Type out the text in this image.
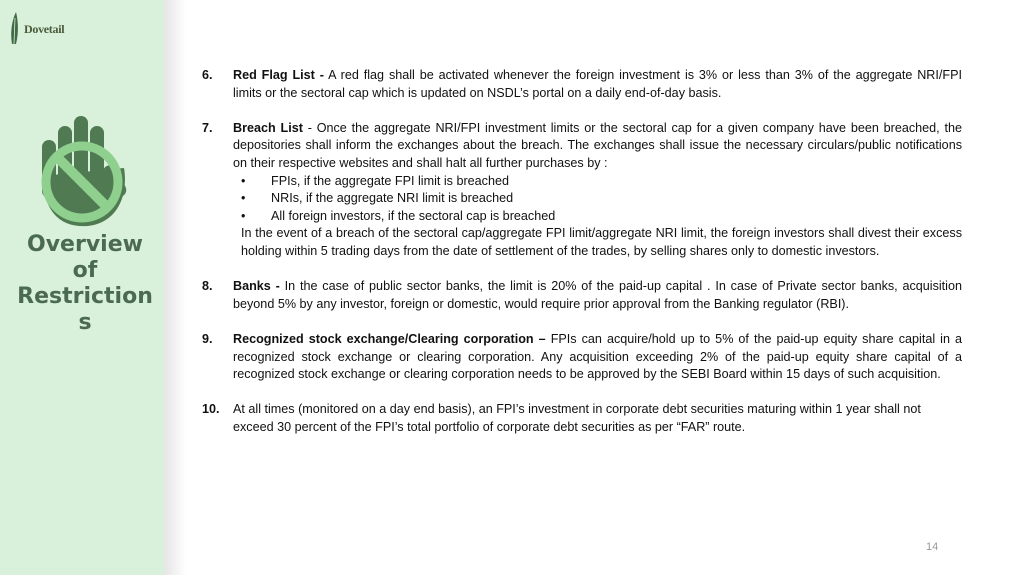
Dovetail
Overview
of
Restriction
s
6. Red Flag List - A red flag shall be activated whenever the foreign investment is 3% or less than 3% of the aggregate NRI/FPI limits or the sectoral cap which is updated on NSDL’s portal on a daily end-of-day basis.
7. Breach List - Once the aggregate NRI/FPI investment limits or the sectoral cap for a given company have been breached, the depositories shall inform the exchanges about the breach. The exchanges shall issue the necessary circulars/public notifications on their respective websites and shall halt all further purchases by :
• FPIs, if the aggregate FPI limit is breached
• NRIs, if the aggregate NRI limit is breached
• All foreign investors, if the sectoral cap is breached
In the event of a breach of the sectoral cap/aggregate FPI limit/aggregate NRI limit, the foreign investors shall divest their excess holding within 5 trading days from the date of settlement of the trades, by selling shares only to domestic investors.
8. Banks - In the case of public sector banks, the limit is 20% of the paid-up capital . In case of Private sector banks, acquisition beyond 5% by any investor, foreign or domestic, would require prior approval from the Banking regulator (RBI).
9. Recognized stock exchange/Clearing corporation – FPIs can acquire/hold up to 5% of the paid-up equity share capital in a recognized stock exchange or clearing corporation. Any acquisition exceeding 2% of the paid-up equity share capital of a recognized stock exchange or clearing corporation needs to be approved by the SEBI Board within 15 days of such acquisition.
10. At all times (monitored on a day end basis), an FPI’s investment in corporate debt securities maturing within 1 year shall not exceed 30 percent of the FPI’s total portfolio of corporate debt securities as per “FAR” route.
14
